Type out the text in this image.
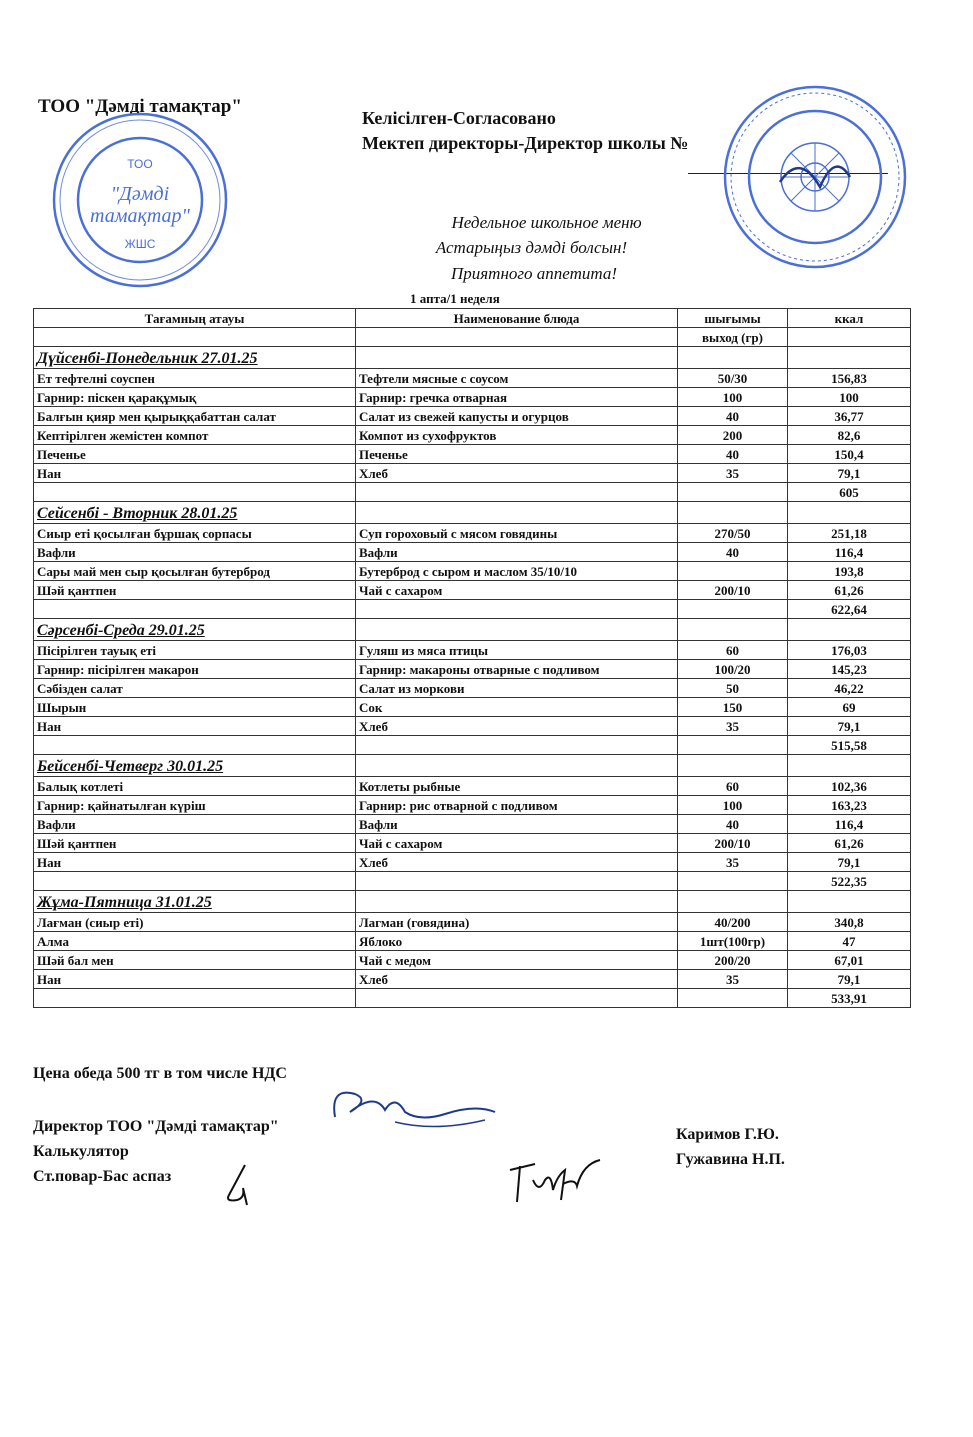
ТОО "Дәмді тамақтар"
Келісілген-Согласовано
Мектеп директоры-Директор школы №
ТОО
"Дәмді
тамақтар"
ЖШС
Недельное школьное меню
Астарыңыз дәмді болсын!
Приятного аппетита!
1 апта/1 неделя
Тағамның атауы	Наименование блюда	шығымы	ккал
		выход (гр)	
Дүйсенбі-Понедельник 27.01.25			
Ет тефтелні соуспен	Тефтели мясные с соусом	50/30	156,83
Гарнир: піскен қарақұмық	Гарнир: гречка отварная	100	100
Балғын қияр мен қырыққабаттан салат	Салат из свежей капусты и огурцов	40	36,77
Кептірілген жемістен компот	Компот из сухофруктов	200	82,6
Печенье	Печенье	40	150,4
Нан	Хлеб	35	79,1
			605
Сейсенбі - Вторник 28.01.25			
Сиыр еті қосылған бұршақ сорпасы	Суп гороховый с мясом говядины	270/50	251,18
Вафли	Вафли	40	116,4
Сары май мен сыр қосылған бутерброд	Бутерброд с сыром и маслом 35/10/10		193,8
Шәй қантпен	Чай с сахаром	200/10	61,26
			622,64
Сәрсенбі-Среда 29.01.25			
Пісірілген тауық еті	Гуляш из мяса птицы	60	176,03
Гарнир: пісірілген макарон	Гарнир: макароны отварные с подливом	100/20	145,23
Сәбізден салат	Салат из моркови	50	46,22
Шырын	Сок	150	69
Нан	Хлеб	35	79,1
			515,58
Бейсенбі-Четверг 30.01.25			
Балық котлеті	Котлеты рыбные	60	102,36
Гарнир: қайнатылған күріш	Гарнир: рис отварной с подливом	100	163,23
Вафли	Вафли	40	116,4
Шәй қантпен	Чай с сахаром	200/10	61,26
Нан	Хлеб	35	79,1
			522,35
Жұма-Пятница 31.01.25			
Лағман (сиыр еті)	Лагман (говядина)	40/200	340,8
Алма	Яблоко	1шт(100гр)	47
Шәй бал мен	Чай с медом	200/20	67,01
Нан	Хлеб	35	79,1
			533,91
Цена обеда 500 тг в том числе НДС
Директор ТОО "Дәмді тамақтар"
Калькулятор
Ст.повар-Бас аспаз
Каримов Г.Ю.
Гужавина Н.П.
